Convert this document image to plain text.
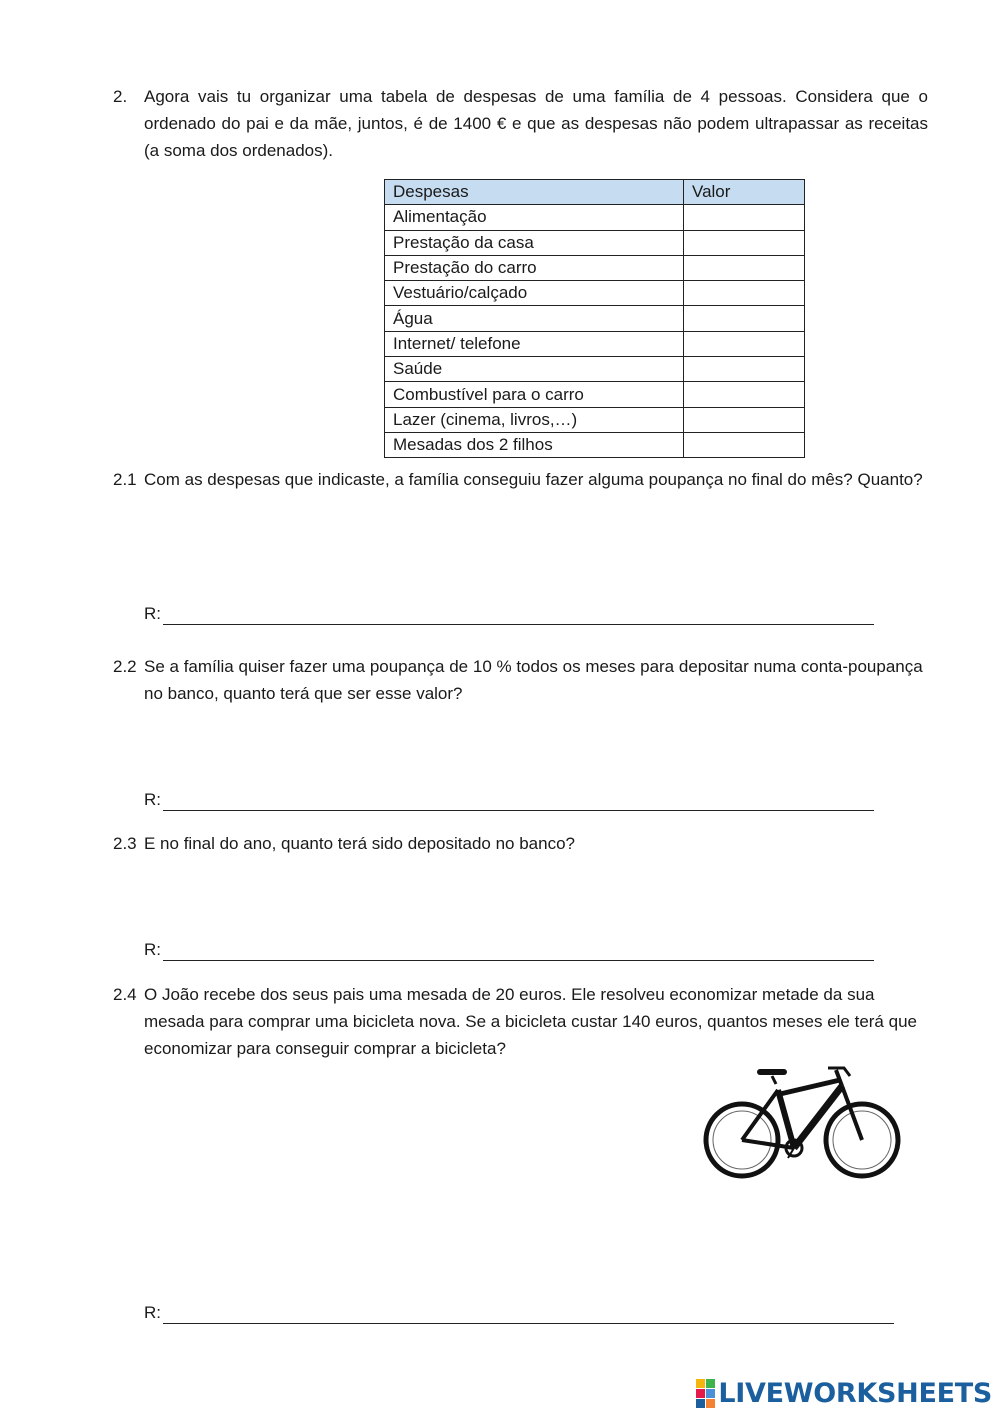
2. Agora vais tu organizar uma tabela de despesas de uma família de 4 pessoas. Considera que o ordenado do pai e da mãe, juntos, é de 1400 € e que as despesas não podem ultrapassar as receitas (a soma dos ordenados).
Despesas	Valor
Alimentação	
Prestação da casa	
Prestação do carro	
Vestuário/calçado	
Água	
Internet/ telefone	
Saúde	
Combustível para o carro	
Lazer (cinema, livros,…)	
Mesadas dos 2 filhos	
2.1 Com as despesas que indicaste, a família conseguiu fazer alguma poupança no final do mês? Quanto?
R:
2.2 Se a família quiser fazer uma poupança de 10 % todos os meses para depositar numa conta-poupança no banco, quanto terá que ser esse valor?
R:
2.3 E no final do ano, quanto terá sido depositado no banco?
R:
2.4 O João recebe dos seus pais uma mesada de 20 euros. Ele resolveu economizar metade da sua mesada para comprar uma bicicleta nova. Se a bicicleta custar 140 euros, quantos meses ele terá que economizar para conseguir comprar a bicicleta?
R:
LIVEWORKSHEETS
